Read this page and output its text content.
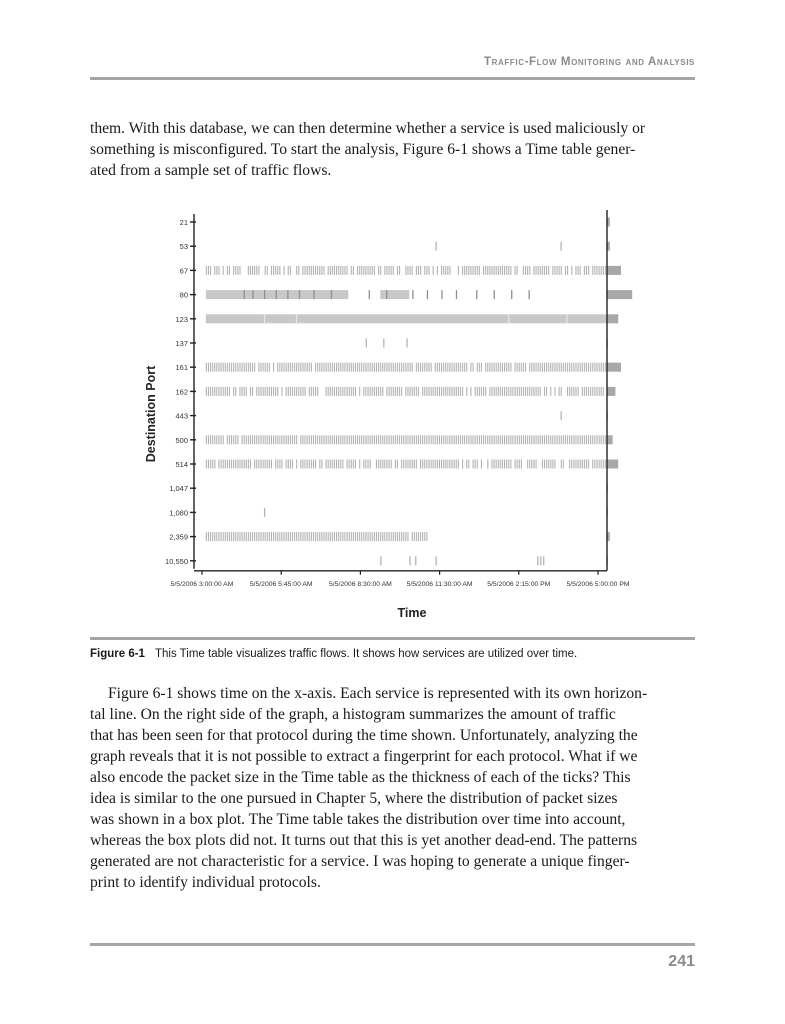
Traffic-Flow Monitoring and Analysis

them. With this database, we can then determine whether a service is used maliciously or
something is misconfigured. To start the analysis, Figure 6-1 shows a Time table gener-
ated from a sample set of traffic flows.

21
53
67
80
123
137
161
162
443
500
514
1,047
1,080
2,359
10,550
5/5/2006 3:00:00 AM 5/5/2006 5:45:00 AM 5/5/2006 8:30:00 AM 5/5/2006 11:30:00 AM 5/5/2006 2:15:00 PM 5/5/2006 5:00:00 PM
Destination Port
Time
Figure 6-1 This Time table visualizes traffic flows. It shows how services are utilized over time.

Figure 6-1 shows time on the x-axis. Each service is represented with its own horizon-
tal line. On the right side of the graph, a histogram summarizes the amount of traffic
that has been seen for that protocol during the time shown. Unfortunately, analyzing the
graph reveals that it is not possible to extract a fingerprint for each protocol. What if we
also encode the packet size in the Time table as the thickness of each of the ticks? This
idea is similar to the one pursued in Chapter 5, where the distribution of packet sizes
was shown in a box plot. The Time table takes the distribution over time into account,
whereas the box plots did not. It turns out that this is yet another dead-end. The patterns
generated are not characteristic for a service. I was hoping to generate a unique finger-
print to identify individual protocols.

241
